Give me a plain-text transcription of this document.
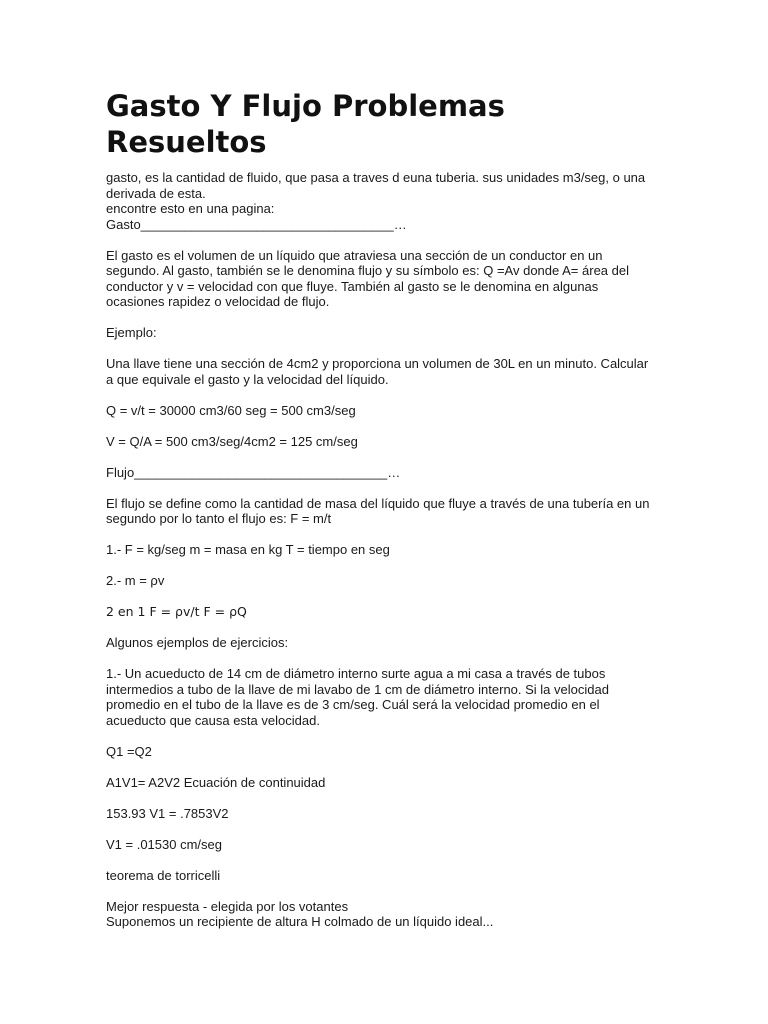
Gasto Y Flujo Problemas Resueltos

gasto, es la cantidad de fluido, que pasa a traves d euna tuberia. sus unidades m3/seg, o una
derivada de esta.
encontre esto en una pagina:
Gasto___________________________________…

El gasto es el volumen de un líquido que atraviesa una sección de un conductor en un
segundo. Al gasto, también se le denomina flujo y su símbolo es: Q =Av donde A= área del
conductor y v = velocidad con que fluye. También al gasto se le denomina en algunas
ocasiones rapidez o velocidad de flujo.

Ejemplo:

Una llave tiene una sección de 4cm2 y proporciona un volumen de 30L en un minuto. Calcular
a que equivale el gasto y la velocidad del líquido.

Q = v/t = 30000 cm3/60 seg = 500 cm3/seg

V = Q/A = 500 cm3/seg/4cm2 = 125 cm/seg

Flujo___________________________________…

El flujo se define como la cantidad de masa del líquido que fluye a través de una tubería en un
segundo por lo tanto el flujo es: F = m/t

1.- F = kg/seg m = masa en kg T = tiempo en seg

2.- m = ρv

2 en 1 F = ρv/t F = ρQ

Algunos ejemplos de ejercicios:

1.- Un acueducto de 14 cm de diámetro interno surte agua a mi casa a través de tubos
intermedios a tubo de la llave de mi lavabo de 1 cm de diámetro interno. Si la velocidad
promedio en el tubo de la llave es de 3 cm/seg. Cuál será la velocidad promedio en el
acueducto que causa esta velocidad.

Q1 =Q2

A1V1= A2V2 Ecuación de continuidad

153.93 V1 = .7853V2

V1 = .01530 cm/seg

teorema de torricelli

Mejor respuesta - elegida por los votantes
Suponemos un recipiente de altura H colmado de un líquido ideal...
